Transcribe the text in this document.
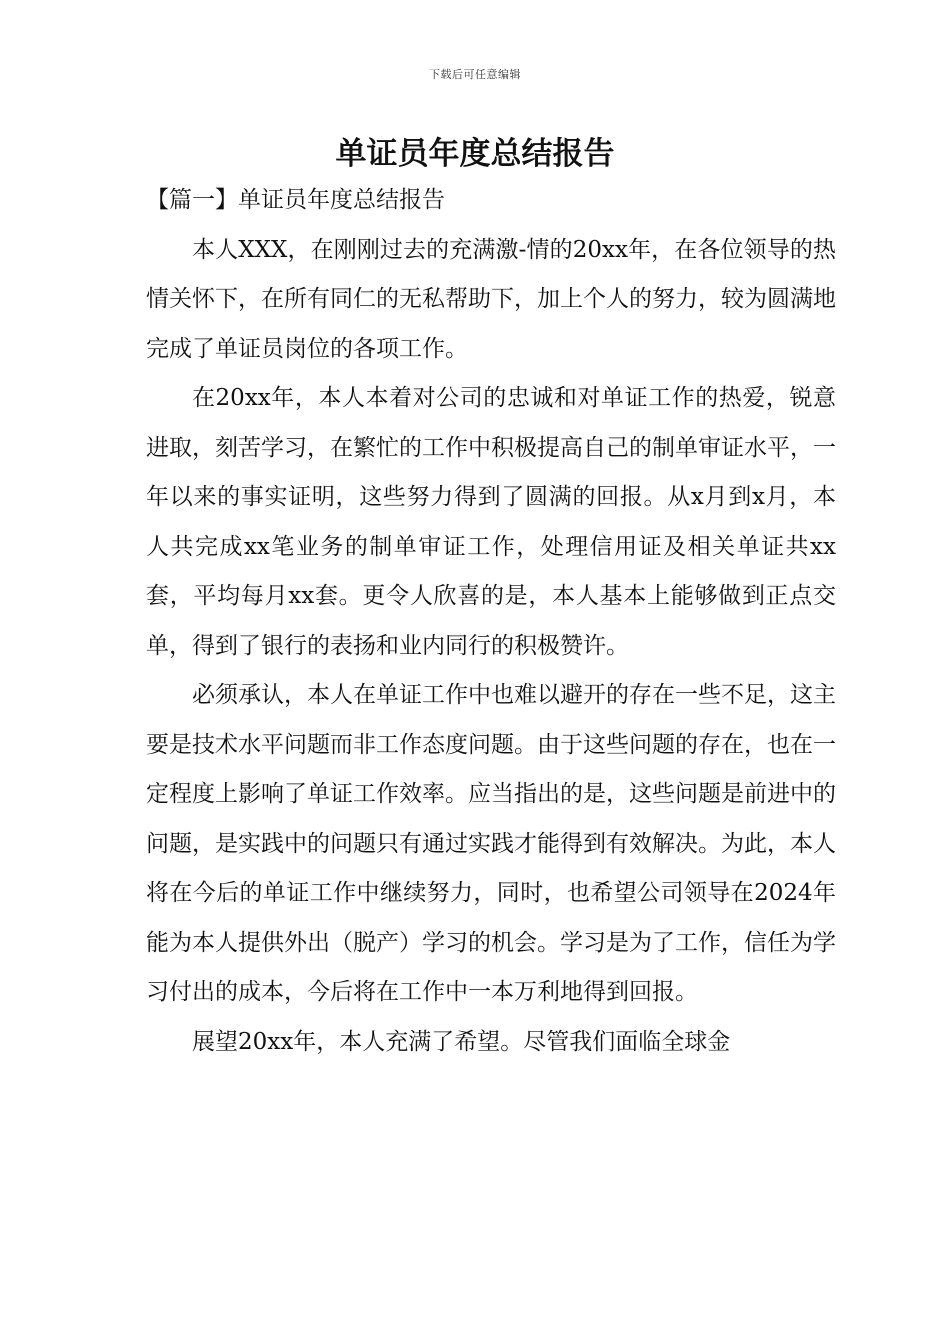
下载后可任意编辑
单证员年度总结报告

【篇一】单证员年度总结报告

本人XXX，在刚刚过去的充满激-情的20xx年，在各位领导的热情关怀下，在所有同仁的无私帮助下，加上个人的努力，较为圆满地完成了单证员岗位的各项工作。

在20xx年，本人本着对公司的忠诚和对单证工作的热爱，锐意进取，刻苦学习，在繁忙的工作中积极提高自己的制单审证水平，一年以来的事实证明，这些努力得到了圆满的回报。从x月到x月，本人共完成xx笔业务的制单审证工作，处理信用证及相关单证共xx套，平均每月xx套。更令人欣喜的是，本人基本上能够做到正点交单，得到了银行的表扬和业内同行的积极赞许。

必须承认，本人在单证工作中也难以避开的存在一些不足，这主要是技术水平问题而非工作态度问题。由于这些问题的存在，也在一定程度上影响了单证工作效率。应当指出的是，这些问题是前进中的问题，是实践中的问题只有通过实践才能得到有效解决。为此，本人将在今后的单证工作中继续努力，同时，也希望公司领导在2024年能为本人提供外出（脱产）学习的机会。学习是为了工作，信任为学习付出的成本，今后将在工作中一本万利地得到回报。

展望20xx年，本人充满了希望。尽管我们面临全球金
